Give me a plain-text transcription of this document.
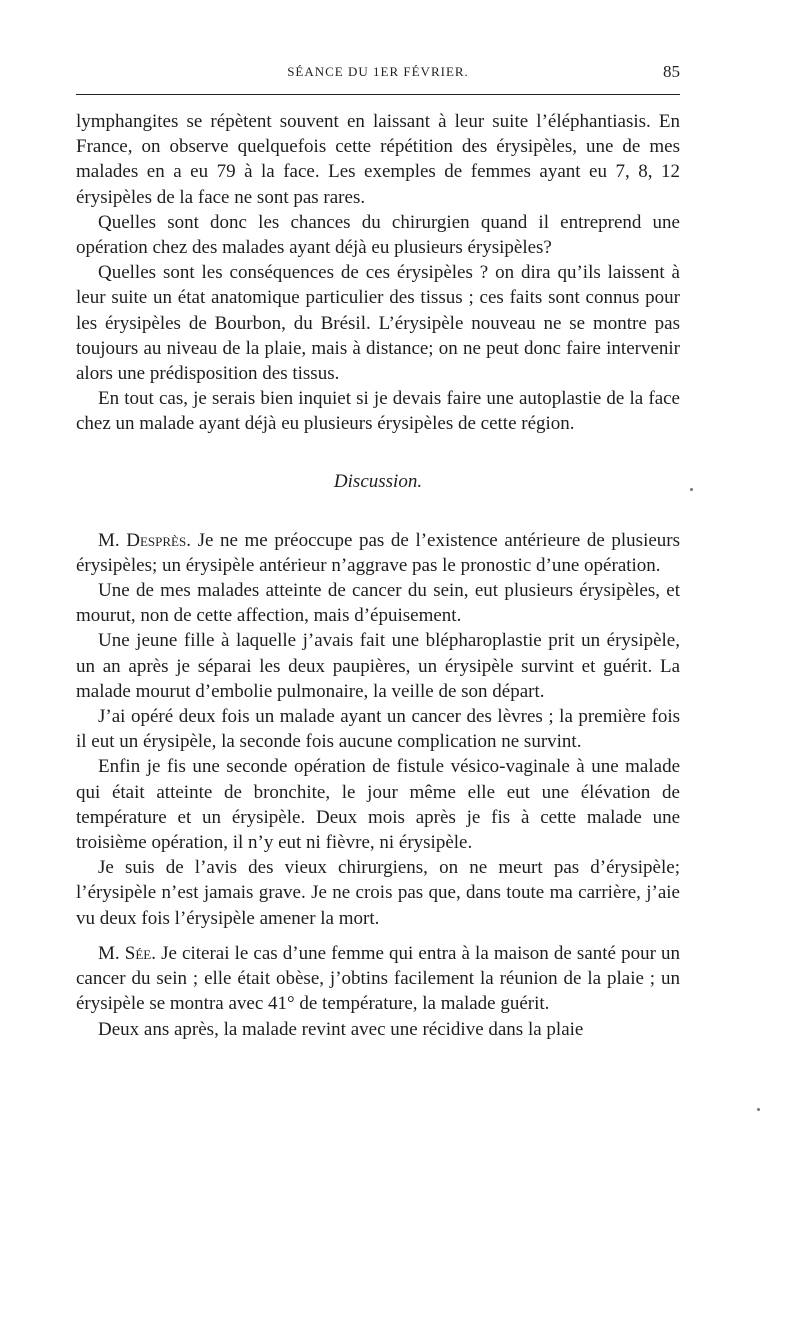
SÉANCE DU 1ER FÉVRIER.	85

lymphangites se répètent souvent en laissant à leur suite l’éléphantiasis. En France, on observe quelquefois cette répétition des érysipèles, une de mes malades en a eu 79 à la face. Les exemples de femmes ayant eu 7, 8, 12 érysipèles de la face ne sont pas rares.

Quelles sont donc les chances du chirurgien quand il entreprend une opération chez des malades ayant déjà eu plusieurs érysipèles?

Quelles sont les conséquences de ces érysipèles ? on dira qu’ils laissent à leur suite un état anatomique particulier des tissus ; ces faits sont connus pour les érysipèles de Bourbon, du Brésil. L’érysipèle nouveau ne se montre pas toujours au niveau de la plaie, mais à distance; on ne peut donc faire intervenir alors une prédisposition des tissus.

En tout cas, je serais bien inquiet si je devais faire une autoplastie de la face chez un malade ayant déjà eu plusieurs érysipèles de cette région.

Discussion.

M. Desprès. Je ne me préoccupe pas de l’existence antérieure de plusieurs érysipèles; un érysipèle antérieur n’aggrave pas le pronostic d’une opération.

Une de mes malades atteinte de cancer du sein, eut plusieurs érysipèles, et mourut, non de cette affection, mais d’épuisement.

Une jeune fille à laquelle j’avais fait une blépharoplastie prit un érysipèle, un an après je séparai les deux paupières, un érysipèle survint et guérit. La malade mourut d’embolie pulmonaire, la veille de son départ.

J’ai opéré deux fois un malade ayant un cancer des lèvres ; la première fois il eut un érysipèle, la seconde fois aucune complication ne survint.

Enfin je fis une seconde opération de fistule vésico-vaginale à une malade qui était atteinte de bronchite, le jour même elle eut une élévation de température et un érysipèle. Deux mois après je fis à cette malade une troisième opération, il n’y eut ni fièvre, ni érysipèle.

Je suis de l’avis des vieux chirurgiens, on ne meurt pas d’érysipèle; l’érysipèle n’est jamais grave. Je ne crois pas que, dans toute ma carrière, j’aie vu deux fois l’érysipèle amener la mort.

M. Sée. Je citerai le cas d’une femme qui entra à la maison de santé pour un cancer du sein ; elle était obèse, j’obtins facilement la réunion de la plaie ; un érysipèle se montra avec 41° de température, la malade guérit.

Deux ans après, la malade revint avec une récidive dans la plaie
